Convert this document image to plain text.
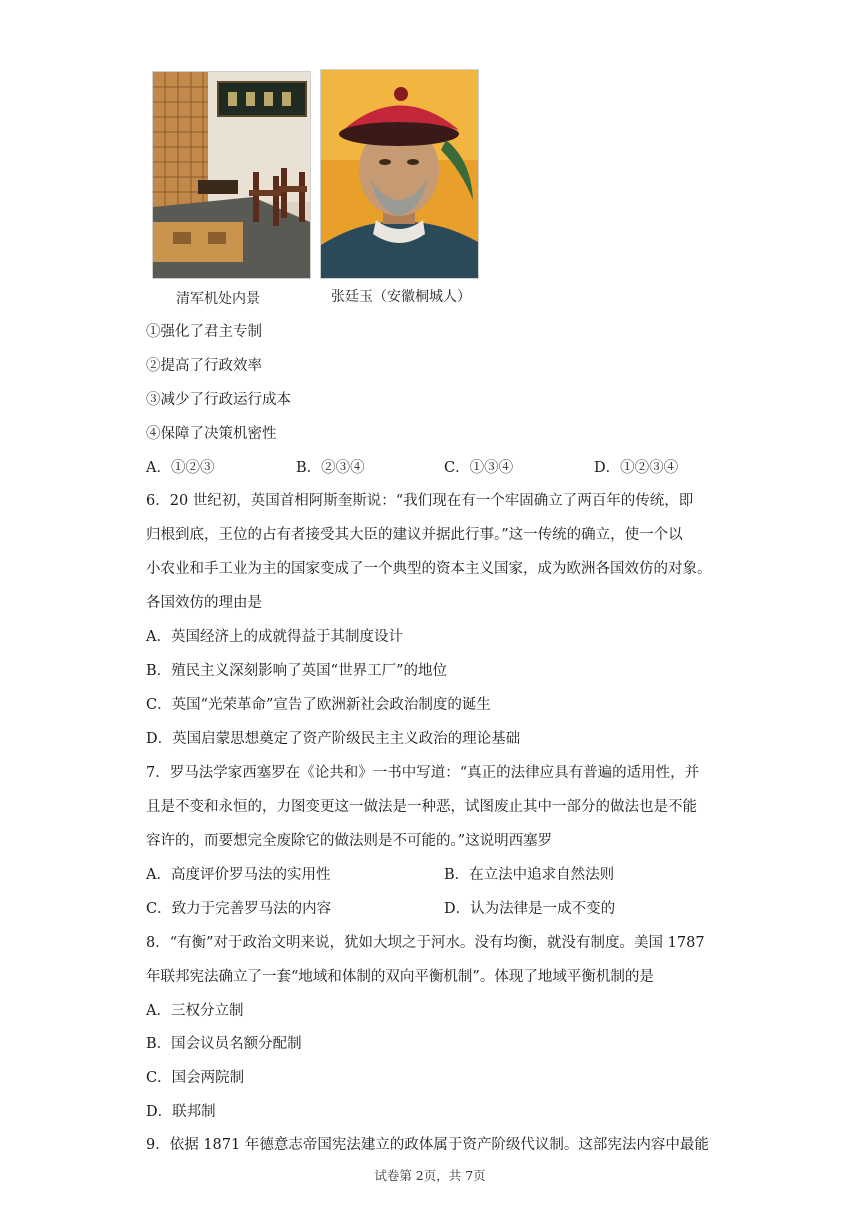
清军机处内景	张廷玉（安徽桐城人）
①强化了君主专制
②提高了行政效率
③减少了行政运行成本
④保障了决策机密性
A．①②③	B．②③④	C．①③④	D．①②③④
6．20 世纪初，英国首相阿斯奎斯说：“我们现在有一个牢固确立了两百年的传统，即
归根到底，王位的占有者接受其大臣的建议并据此行事。”这一传统的确立，使一个以
小农业和手工业为主的国家变成了一个典型的资本主义国家，成为欧洲各国效仿的对象。
各国效仿的理由是
A．英国经济上的成就得益于其制度设计
B．殖民主义深刻影响了英国“世界工厂”的地位
C．英国“光荣革命”宣告了欧洲新社会政治制度的诞生
D．英国启蒙思想奠定了资产阶级民主主义政治的理论基础
7．罗马法学家西塞罗在《论共和》一书中写道：“真正的法律应具有普遍的适用性，并
且是不变和永恒的，力图变更这一做法是一种恶，试图废止其中一部分的做法也是不能
容许的，而要想完全废除它的做法则是不可能的。”这说明西塞罗
A．高度评价罗马法的实用性	B．在立法中追求自然法则
C．致力于完善罗马法的内容	D．认为法律是一成不变的
8．“有衡”对于政治文明来说，犹如大坝之于河水。没有均衡，就没有制度。美国 1787
年联邦宪法确立了一套“地域和体制的双向平衡机制”。体现了地域平衡机制的是
A．三权分立制
B．国会议员名额分配制
C．国会两院制
D．联邦制
9．依据 1871 年德意志帝国宪法建立的政体属于资产阶级代议制。这部宪法内容中最能
试卷第 2页，共 7页
